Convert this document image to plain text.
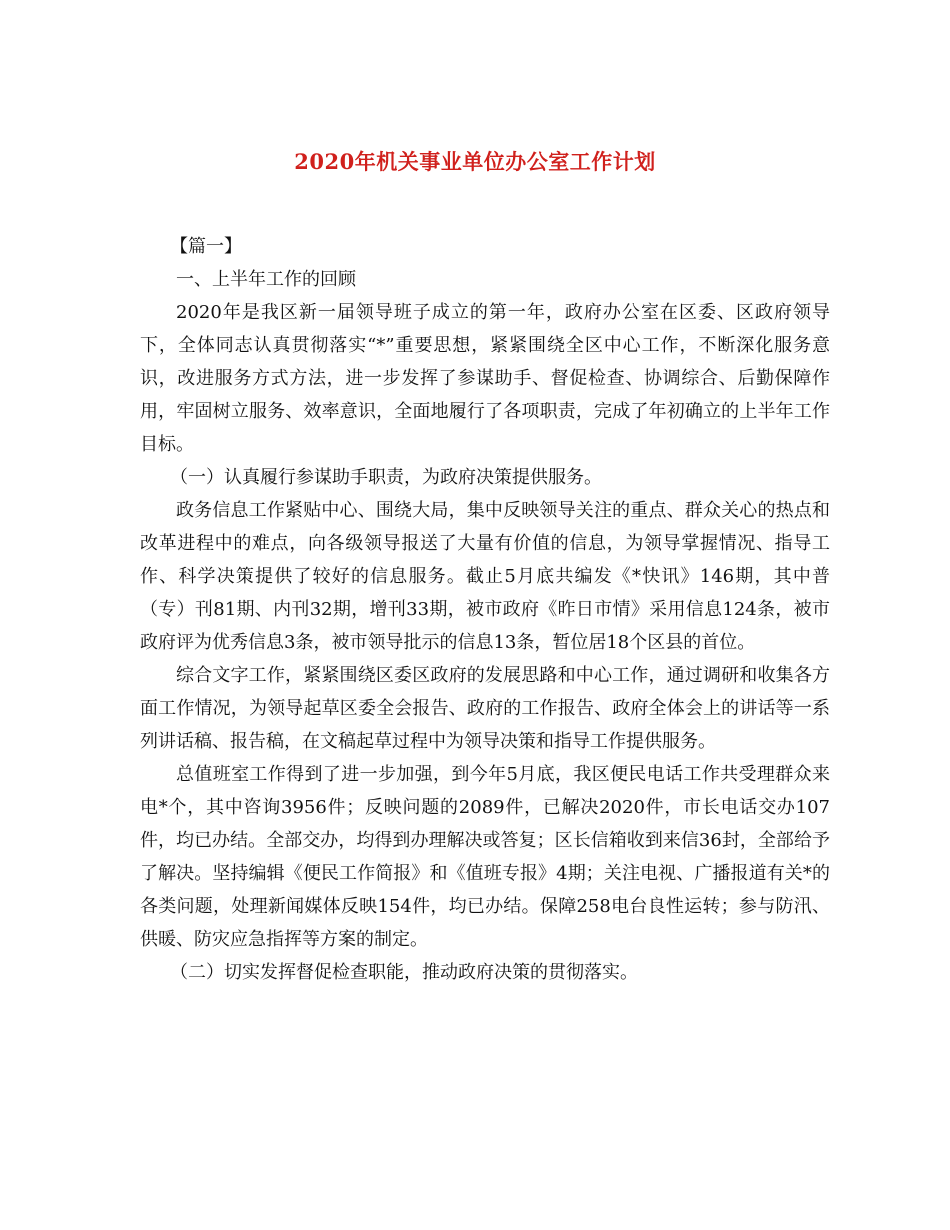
2020年机关事业单位办公室工作计划

【篇一】

一、上半年工作的回顾

2020年是我区新一届领导班子成立的第一年，政府办公室在区委、区政府领导下，全体同志认真贯彻落实“*”重要思想，紧紧围绕全区中心工作，不断深化服务意识，改进服务方式方法，进一步发挥了参谋助手、督促检查、协调综合、后勤保障作用，牢固树立服务、效率意识，全面地履行了各项职责，完成了年初确立的上半年工作目标。

（一）认真履行参谋助手职责，为政府决策提供服务。

政务信息工作紧贴中心、围绕大局，集中反映领导关注的重点、群众关心的热点和改革进程中的难点，向各级领导报送了大量有价值的信息，为领导掌握情况、指导工作、科学决策提供了较好的信息服务。截止5月底共编发《*快讯》146期，其中普（专）刊81期、内刊32期，增刊33期，被市政府《昨日市情》采用信息124条，被市政府评为优秀信息3条，被市领导批示的信息13条，暂位居18个区县的首位。

综合文字工作，紧紧围绕区委区政府的发展思路和中心工作，通过调研和收集各方面工作情况，为领导起草区委全会报告、政府的工作报告、政府全体会上的讲话等一系列讲话稿、报告稿，在文稿起草过程中为领导决策和指导工作提供服务。

总值班室工作得到了进一步加强，到今年5月底，我区便民电话工作共受理群众来电*个，其中咨询3956件；反映问题的2089件，已解决2020件，市长电话交办107件，均已办结。全部交办，均得到办理解决或答复；区长信箱收到来信36封，全部给予了解决。坚持编辑《便民工作简报》和《值班专报》4期；关注电视、广播报道有关*的各类问题，处理新闻媒体反映154件，均已办结。保障258电台良性运转；参与防汛、供暖、防灾应急指挥等方案的制定。

（二）切实发挥督促检查职能，推动政府决策的贯彻落实。
